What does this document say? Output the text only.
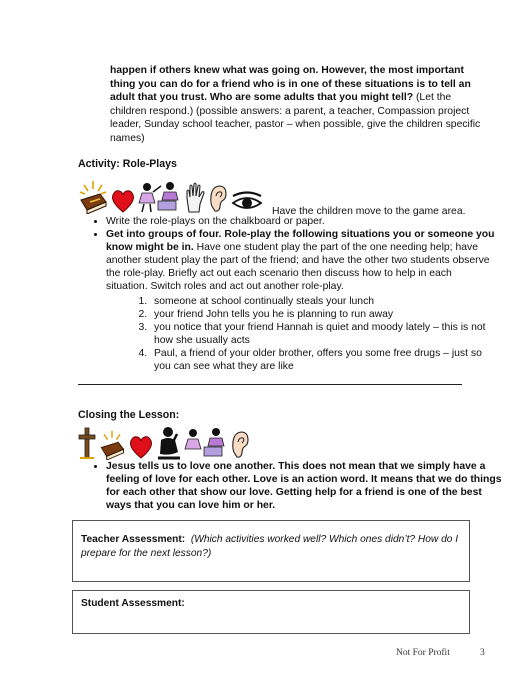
happen if others knew what was going on. However, the most important thing you can do for a friend who is in one of these situations is to tell an adult that you trust. Who are some adults that you might tell? (Let the children respond.) (possible answers: a parent, a teacher, Compassion project leader, Sunday school teacher, pastor – when possible, give the children specific names)

Activity: Role-Plays
Have the children move to the game area.
• Write the role-plays on the chalkboard or paper.
• Get into groups of four. Role-play the following situations you or someone you know might be in. Have one student play the part of the one needing help; have another student play the part of the friend; and have the other two students observe the role-play. Briefly act out each scenario then discuss how to help in each situation. Switch roles and act out another role-play.
1. someone at school continually steals your lunch
2. your friend John tells you he is planning to run away
3. you notice that your friend Hannah is quiet and moody lately – this is not how she usually acts
4. Paul, a friend of your older brother, offers you some free drugs – just so you can see what they are like
Closing the Lesson:
• Jesus tells us to love one another. This does not mean that we simply have a feeling of love for each other. Love is an action word. It means that we do things for each other that show our love. Getting help for a friend is one of the best ways that you can love him or her.
Teacher Assessment: (Which activities worked well? Which ones didn’t? How do I prepare for the next lesson?)
Student Assessment:
Not For Profit	3
